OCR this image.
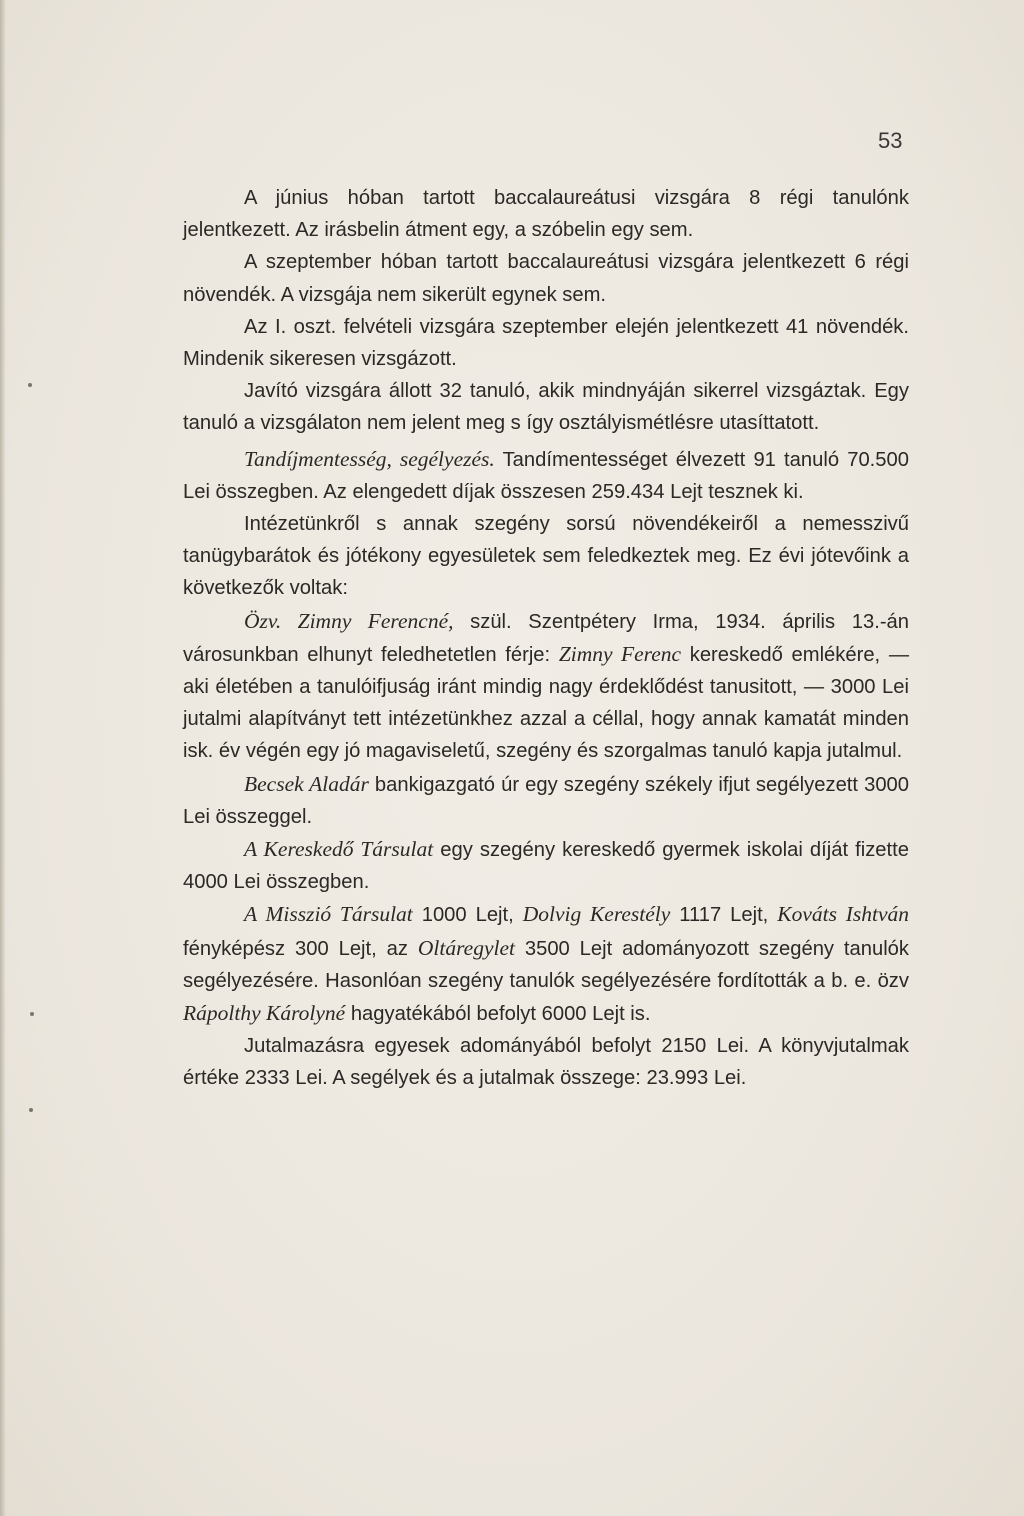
53

A június hóban tartott baccalaureátusi vizsgára 8 régi tanulónk jelentkezett. Az irásbelin átment egy, a szóbelin egy sem.

A szeptember hóban tartott baccalaureátusi vizsgára jelentkezett 6 régi növendék. A vizsgája nem sikerült egynek sem.

Az I. oszt. felvételi vizsgára szeptember elején jelentkezett 41 növendék. Mindenik sikeresen vizsgázott.

Javító vizsgára állott 32 tanuló, akik mindnyáján sikerrel vizsgáztak. Egy tanuló a vizsgálaton nem jelent meg s így osztályismétlésre utasíttatott.

Tandíjmentesség, segélyezés. Tandímentességet élvezett 91 tanuló 70.500 Lei összegben. Az elengedett díjak összesen 259.434 Lejt tesznek ki.

Intézetünkről s annak szegény sorsú növendékeiről a nemesszivű tanügybarátok és jótékony egyesületek sem feledkeztek meg. Ez évi jótevőink a következők voltak:

Özv. Zimny Ferencné, szül. Szentpétery Irma, 1934. április 13.-án városunkban elhunyt feledhetetlen férje: Zimny Ferenc kereskedő emlékére, — aki életében a tanulóifjuság iránt mindig nagy érdeklődést tanusitott, — 3000 Lei jutalmi alapítványt tett intézetünkhez azzal a céllal, hogy annak kamatát minden isk. év végén egy jó magaviseletű, szegény és szorgalmas tanuló kapja jutalmul.

Becsek Aladár bankigazgató úr egy szegény székely ifjut segélyezett 3000 Lei összeggel.

A Kereskedő Társulat egy szegény kereskedő gyermek iskolai díját fizette 4000 Lei összegben.

A Misszió Társulat 1000 Lejt, Dolvig Kerestély 1117 Lejt, Kováts Ishtván fényképész 300 Lejt, az Oltáregylet 3500 Lejt adományozott szegény tanulók segélyezésére. Hasonlóan szegény tanulók segélyezésére fordították a b. e. özv Rápolthy Károlyné hagyatékából befolyt 6000 Lejt is.

Jutalmazásra egyesek adományából befolyt 2150 Lei. A könyvjutalmak értéke 2333 Lei. A segélyek és a jutalmak összege: 23.993 Lei.
